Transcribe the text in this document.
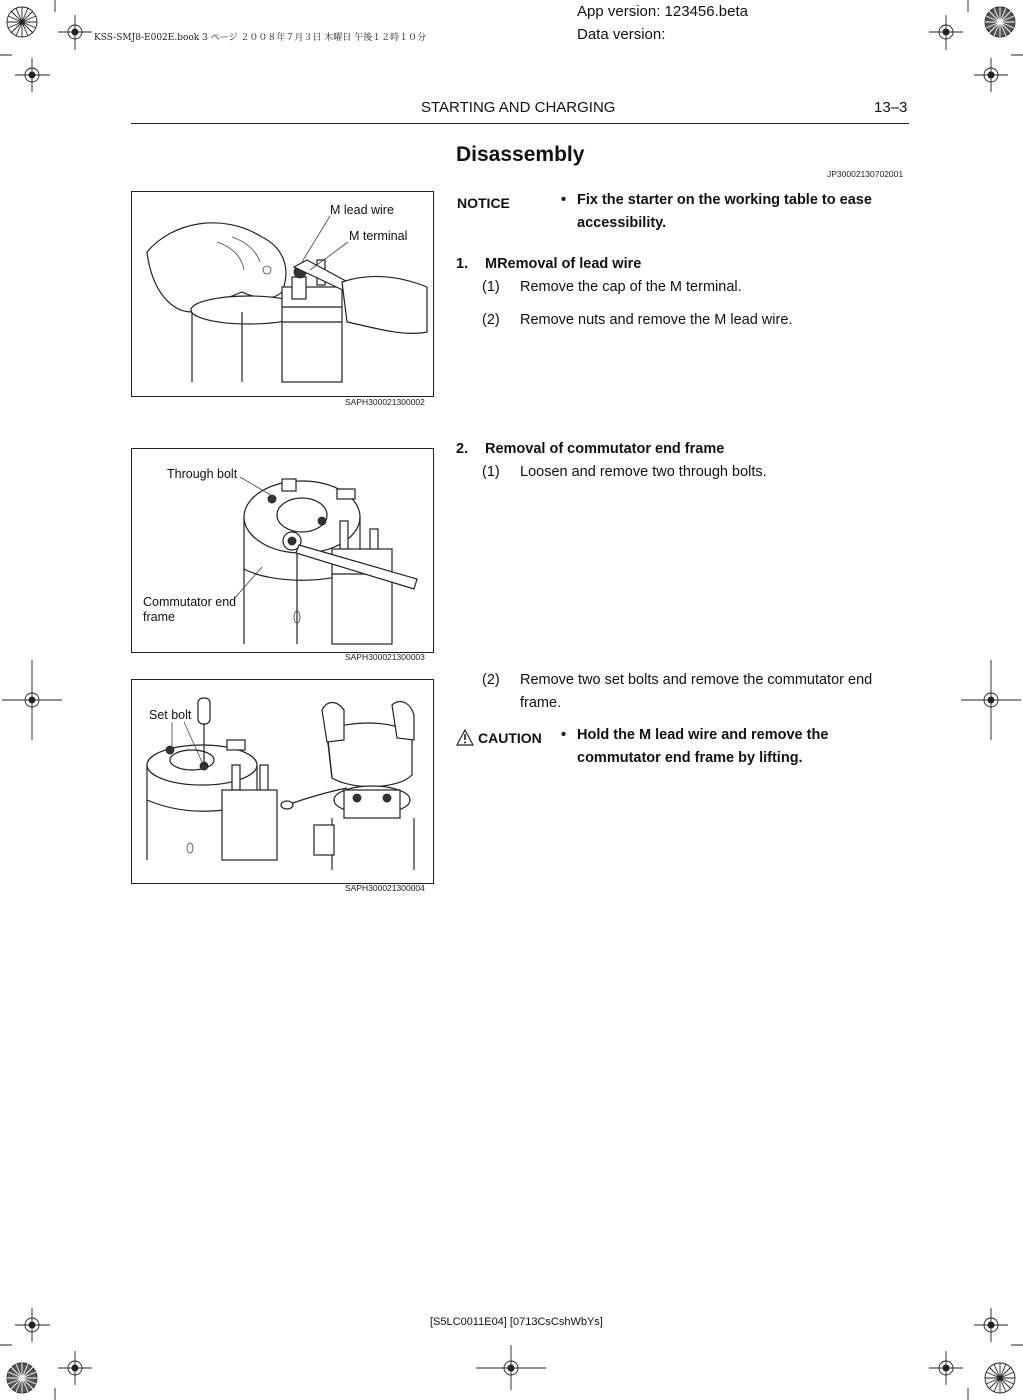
KSS-SMJ8-E002E.book 3 ページ ２００８年７月３日 木曜日 午後１２時１０分
App version: 123456.beta
Data version:
STARTING AND CHARGING	13–3
Disassembly
JP30002130702001
NOTICE	• Fix the starter on the working table to ease accessibility.
1. MRemoval of lead wire
(1) Remove the cap of the M terminal.
(2) Remove nuts and remove the M lead wire.
2. Removal of commutator end frame
(1) Loosen and remove two through bolts.
(2) Remove two set bolts and remove the commutator end frame.
CAUTION • Hold the M lead wire and remove the commutator end frame by lifting.
M lead wire
M terminal
SAPH300021300002
Through bolt
Commutator end frame
SAPH300021300003
Set bolt
SAPH300021300004
[S5LC0011E04] [0713CsCshWbYs]
